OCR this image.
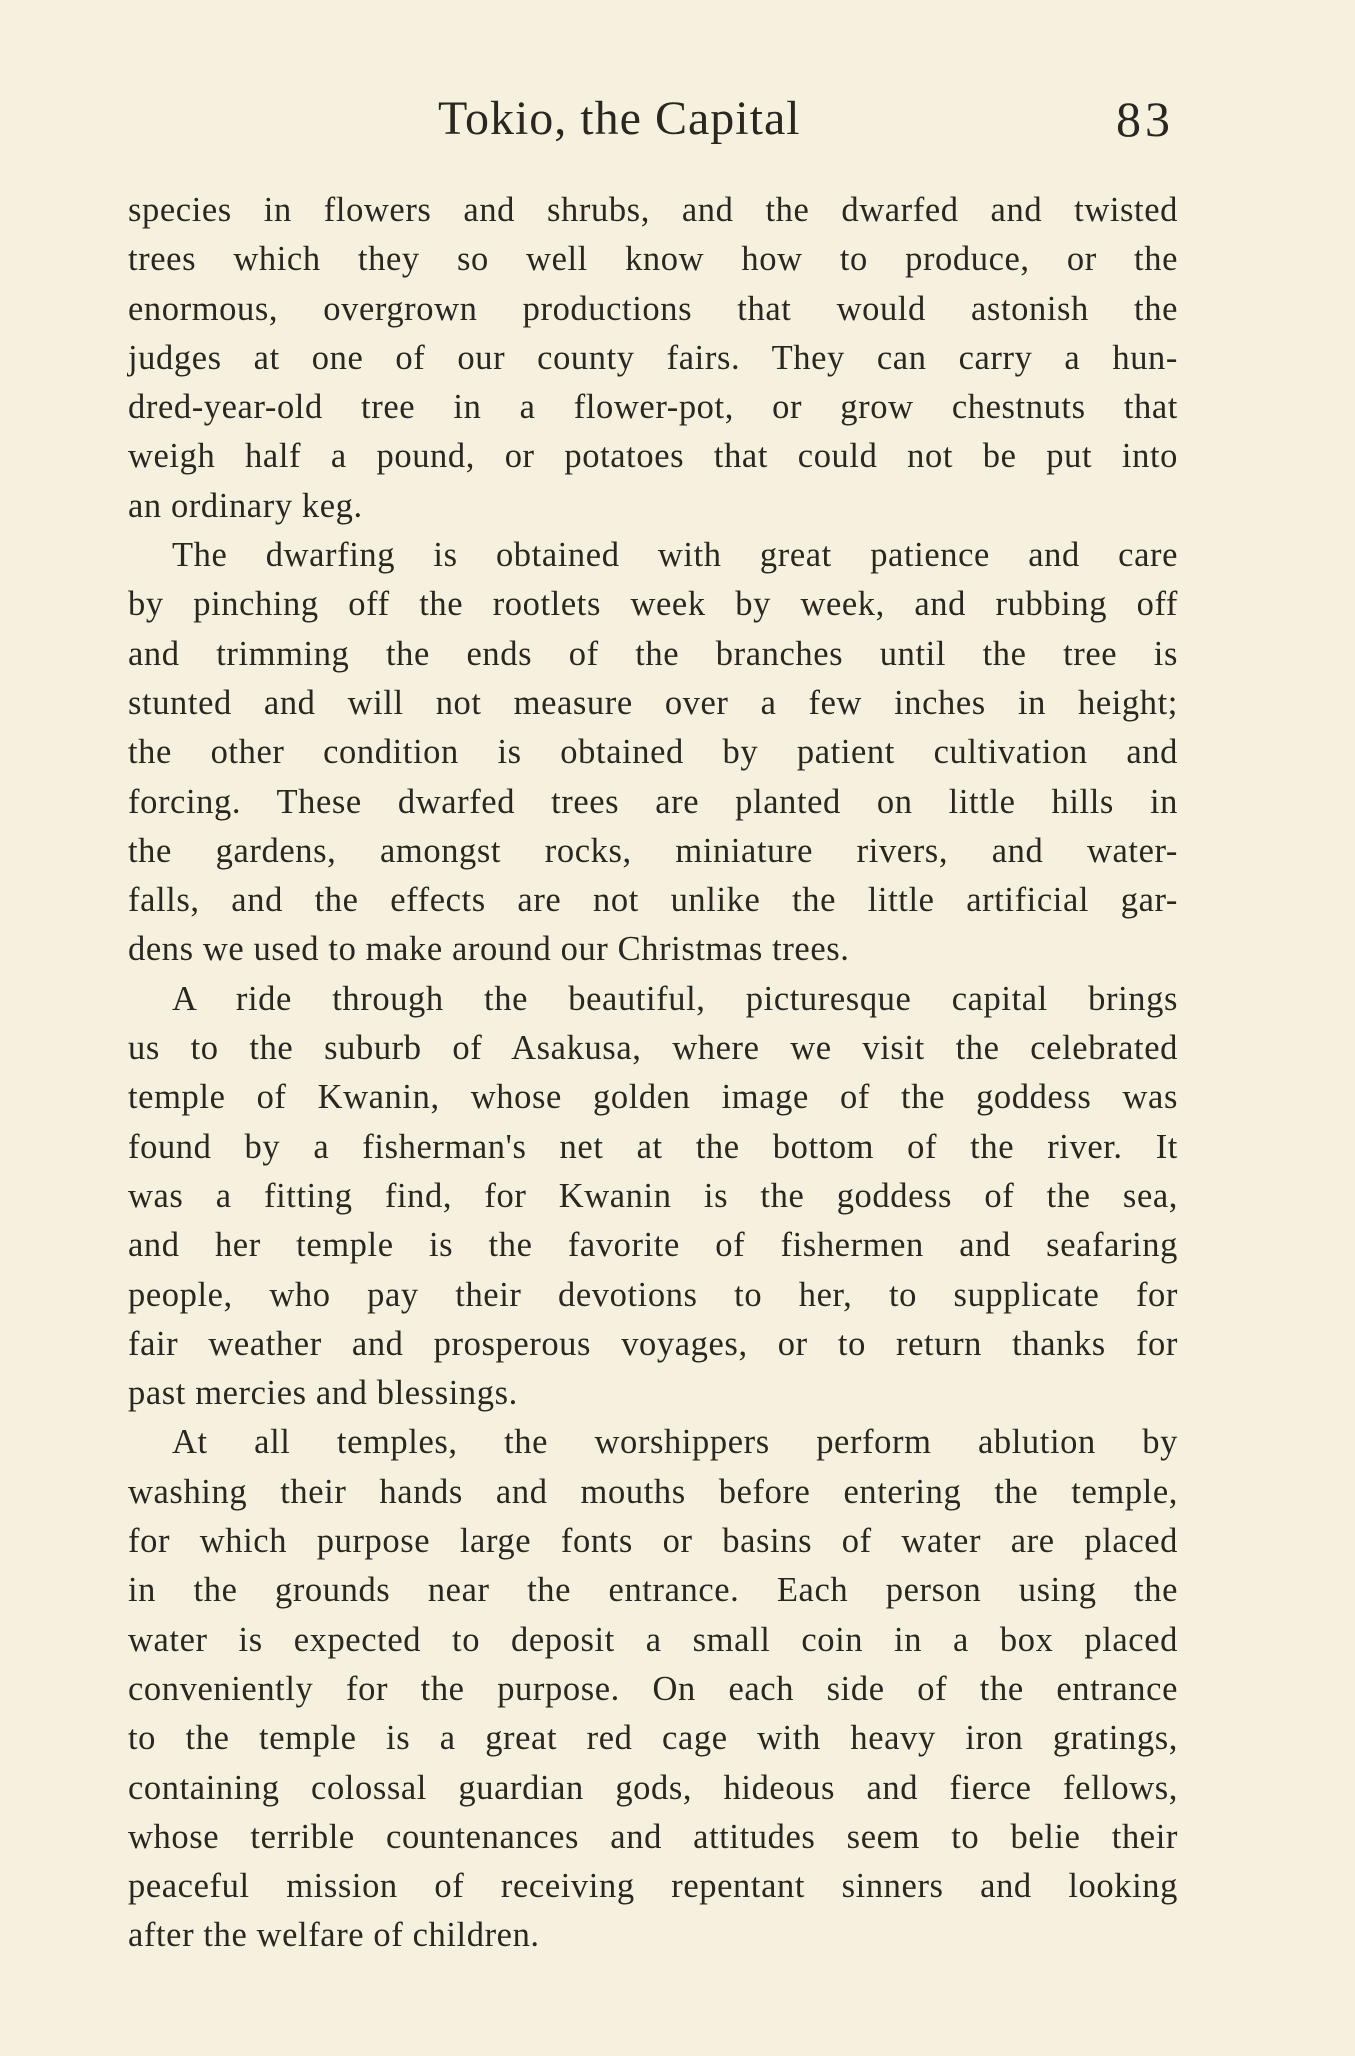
Tokio, the Capital	83
species in flowers and shrubs, and the dwarfed and twisted
trees which they so well know how to produce, or the
enormous, overgrown productions that would astonish the
judges at one of our county fairs. They can carry a hun-
dred-year-old tree in a flower-pot, or grow chestnuts that
weigh half a pound, or potatoes that could not be put into
an ordinary keg.
The dwarfing is obtained with great patience and care
by pinching off the rootlets week by week, and rubbing off
and trimming the ends of the branches until the tree is
stunted and will not measure over a few inches in height;
the other condition is obtained by patient cultivation and
forcing. These dwarfed trees are planted on little hills in
the gardens, amongst rocks, miniature rivers, and water-
falls, and the effects are not unlike the little artificial gar-
dens we used to make around our Christmas trees.
A ride through the beautiful, picturesque capital brings
us to the suburb of Asakusa, where we visit the celebrated
temple of Kwanin, whose golden image of the goddess was
found by a fisherman's net at the bottom of the river. It
was a fitting find, for Kwanin is the goddess of the sea,
and her temple is the favorite of fishermen and seafaring
people, who pay their devotions to her, to supplicate for
fair weather and prosperous voyages, or to return thanks for
past mercies and blessings.
At all temples, the worshippers perform ablution by
washing their hands and mouths before entering the temple,
for which purpose large fonts or basins of water are placed
in the grounds near the entrance. Each person using the
water is expected to deposit a small coin in a box placed
conveniently for the purpose. On each side of the entrance
to the temple is a great red cage with heavy iron gratings,
containing colossal guardian gods, hideous and fierce fellows,
whose terrible countenances and attitudes seem to belie their
peaceful mission of receiving repentant sinners and looking
after the welfare of children.
